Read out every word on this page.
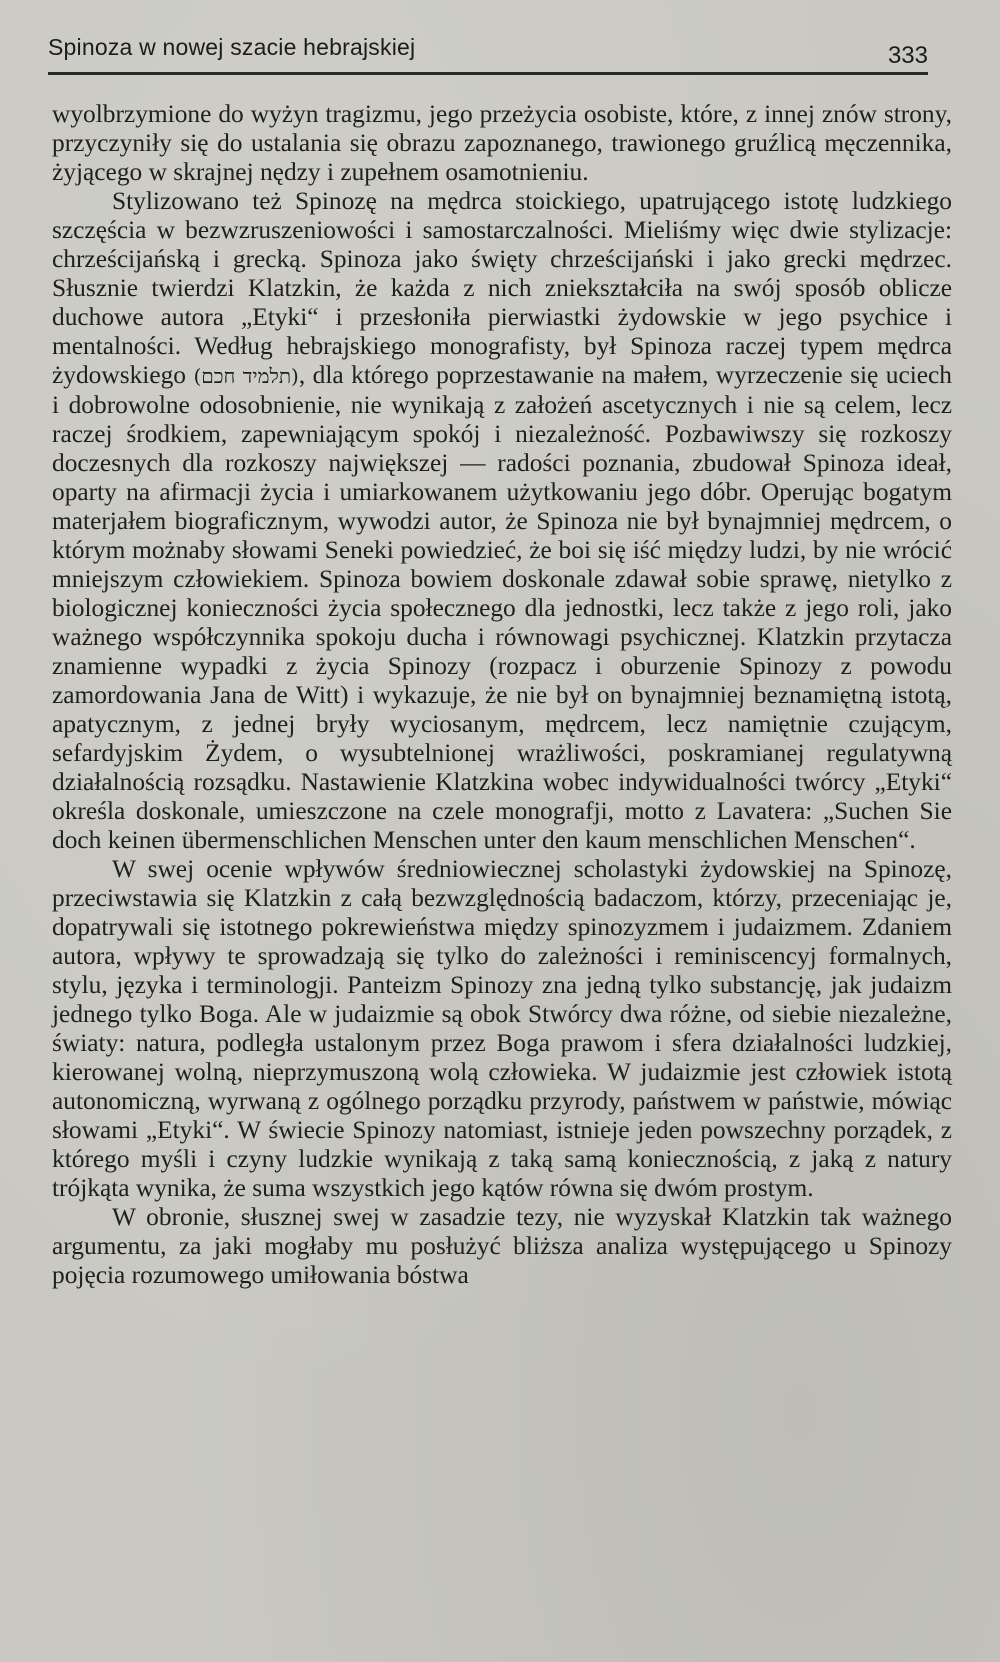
Spinoza w nowej szacie hebrajskiej	333

wyolbrzymione do wyżyn tragizmu, jego przeżycia osobiste, które, z innej znów strony, przyczyniły się do ustalania się obrazu zapoznanego, trawionego gruźlicą męczennika, żyjącego w skrajnej nędzy i zupełnem osamotnieniu.

Stylizowano też Spinozę na mędrca stoickiego, upatrującego istotę ludzkiego szczęścia w bezwzruszeniowości i samostarczalności. Mieliśmy więc dwie stylizacje: chrześcijańską i grecką. Spinoza jako święty chrześcijański i jako grecki mędrzec. Słusznie twierdzi Klatzkin, że każda z nich zniekształciła na swój sposób oblicze duchowe autora „Etyki“ i przesłoniła pierwiastki żydowskie w jego psychice i mentalności. Według hebrajskiego monografisty, był Spinoza raczej typem mędrca żydowskiego (תלמיד חכם), dla którego poprzestawanie na małem, wyrzeczenie się uciech i dobrowolne odosobnienie, nie wynikają z założeń ascetycznych i nie są celem, lecz raczej środkiem, zapewniającym spokój i niezależność. Pozbawiwszy się rozkoszy doczesnych dla rozkoszy największej — radości poznania, zbudował Spinoza ideał, oparty na afirmacji życia i umiarkowanem użytkowaniu jego dóbr. Operując bogatym materjałem biograficznym, wywodzi autor, że Spinoza nie był bynajmniej mędrcem, o którym możnaby słowami Seneki powiedzieć, że boi się iść między ludzi, by nie wrócić mniejszym człowiekiem. Spinoza bowiem doskonale zdawał sobie sprawę, nietylko z biologicznej konieczności życia społecznego dla jednostki, lecz także z jego roli, jako ważnego współczynnika spokoju ducha i równowagi psychicznej. Klatzkin przytacza znamienne wypadki z życia Spinozy (rozpacz i oburzenie Spinozy z powodu zamordowania Jana de Witt) i wykazuje, że nie był on bynajmniej beznamiętną istotą, apatycznym, z jednej bryły wyciosanym, mędrcem, lecz namiętnie czującym, sefardyjskim Żydem, o wysubtelnionej wrażliwości, poskramianej regulatywną działalnością rozsądku. Nastawienie Klatzkina wobec indywidualności twórcy „Etyki“ określa doskonale, umieszczone na czele monografji, motto z Lavatera: „Suchen Sie doch keinen übermenschlichen Menschen unter den kaum menschlichen Menschen“.

W swej ocenie wpływów średniowiecznej scholastyki żydowskiej na Spinozę, przeciwstawia się Klatzkin z całą bezwzględnością badaczom, którzy, przeceniając je, dopatrywali się istotnego pokrewieństwa między spinozyzmem i judaizmem. Zdaniem autora, wpływy te sprowadzają się tylko do zależności i reminiscencyj formalnych, stylu, języka i terminologji. Panteizm Spinozy zna jedną tylko substancję, jak judaizm jednego tylko Boga. Ale w judaizmie są obok Stwórcy dwa różne, od siebie niezależne, światy: natura, podległa ustalonym przez Boga prawom i sfera działalności ludzkiej, kierowanej wolną, nieprzymuszoną wolą człowieka. W judaizmie jest człowiek istotą autonomiczną, wyrwaną z ogólnego porządku przyrody, państwem w państwie, mówiąc słowami „Etyki“. W świecie Spinozy natomiast, istnieje jeden powszechny porządek, z którego myśli i czyny ludzkie wynikają z taką samą koniecznością, z jaką z natury trójkąta wynika, że suma wszystkich jego kątów równa się dwóm prostym.

W obronie, słusznej swej w zasadzie tezy, nie wyzyskał Klatzkin tak ważnego argumentu, za jaki mogłaby mu posłużyć bliższa analiza występującego u Spinozy pojęcia rozumowego umiłowania bóstwa
